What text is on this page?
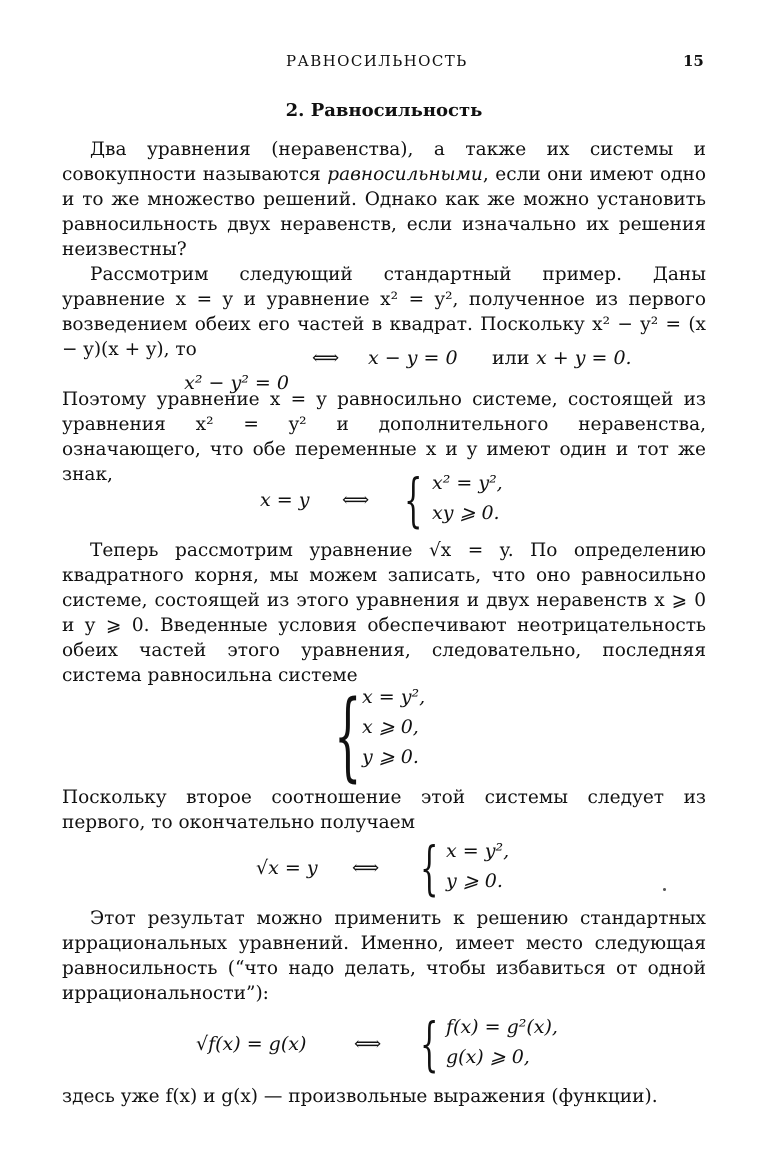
РАВНОСИЛЬНОСТЬ	15
2. Равносильность
Два уравнения (неравенства), а также их системы и совокупности называются равносильными, если они имеют одно и то же множество решений. Однако как же можно установить равносильность двух неравенств, если изначально их решения неизвестны?
Рассмотрим следующий стандартный пример. Даны уравнение x = y и уравнение x² = y², полученное из первого возведением обеих его частей в квадрат. Поскольку x² − y² = (x − y)(x + y), то

x² − y² = 0

⟺ x − y = 0 или x + y = 0.
Поэтому уравнение x = y равносильно системе, состоящей из уравнения x² = y² и дополнительного неравенства, означающего, что обе переменные x и y имеют один и тот же знак,
x = y ⟺ { x² = y²,
xy ⩾ 0.
Теперь рассмотрим уравнение √x = y. По определению квадратного корня, мы можем записать, что оно равносильно системе, состоящей из этого уравнения и двух неравенств x ⩾ 0 и y ⩾ 0. Введенные условия обеспечивают неотрицательность обеих частей этого уравнения, следовательно, последняя система равносильна системе
{ x = y²,
x ⩾ 0,
y ⩾ 0.
Поскольку второе соотношение этой системы следует из первого, то окончательно получаем
√x = y ⟺ { x = y²,
y ⩾ 0.
Этот результат можно применить к решению стандартных иррациональных уравнений. Именно, имеет место следующая равносильность (“что надо делать, чтобы избавиться от одной иррациональности”):
√f(x) = g(x)	⟺ { f(x) = g²(x),
g(x) ⩾ 0,
здесь уже f(x) и g(x) — произвольные выражения (функции).
